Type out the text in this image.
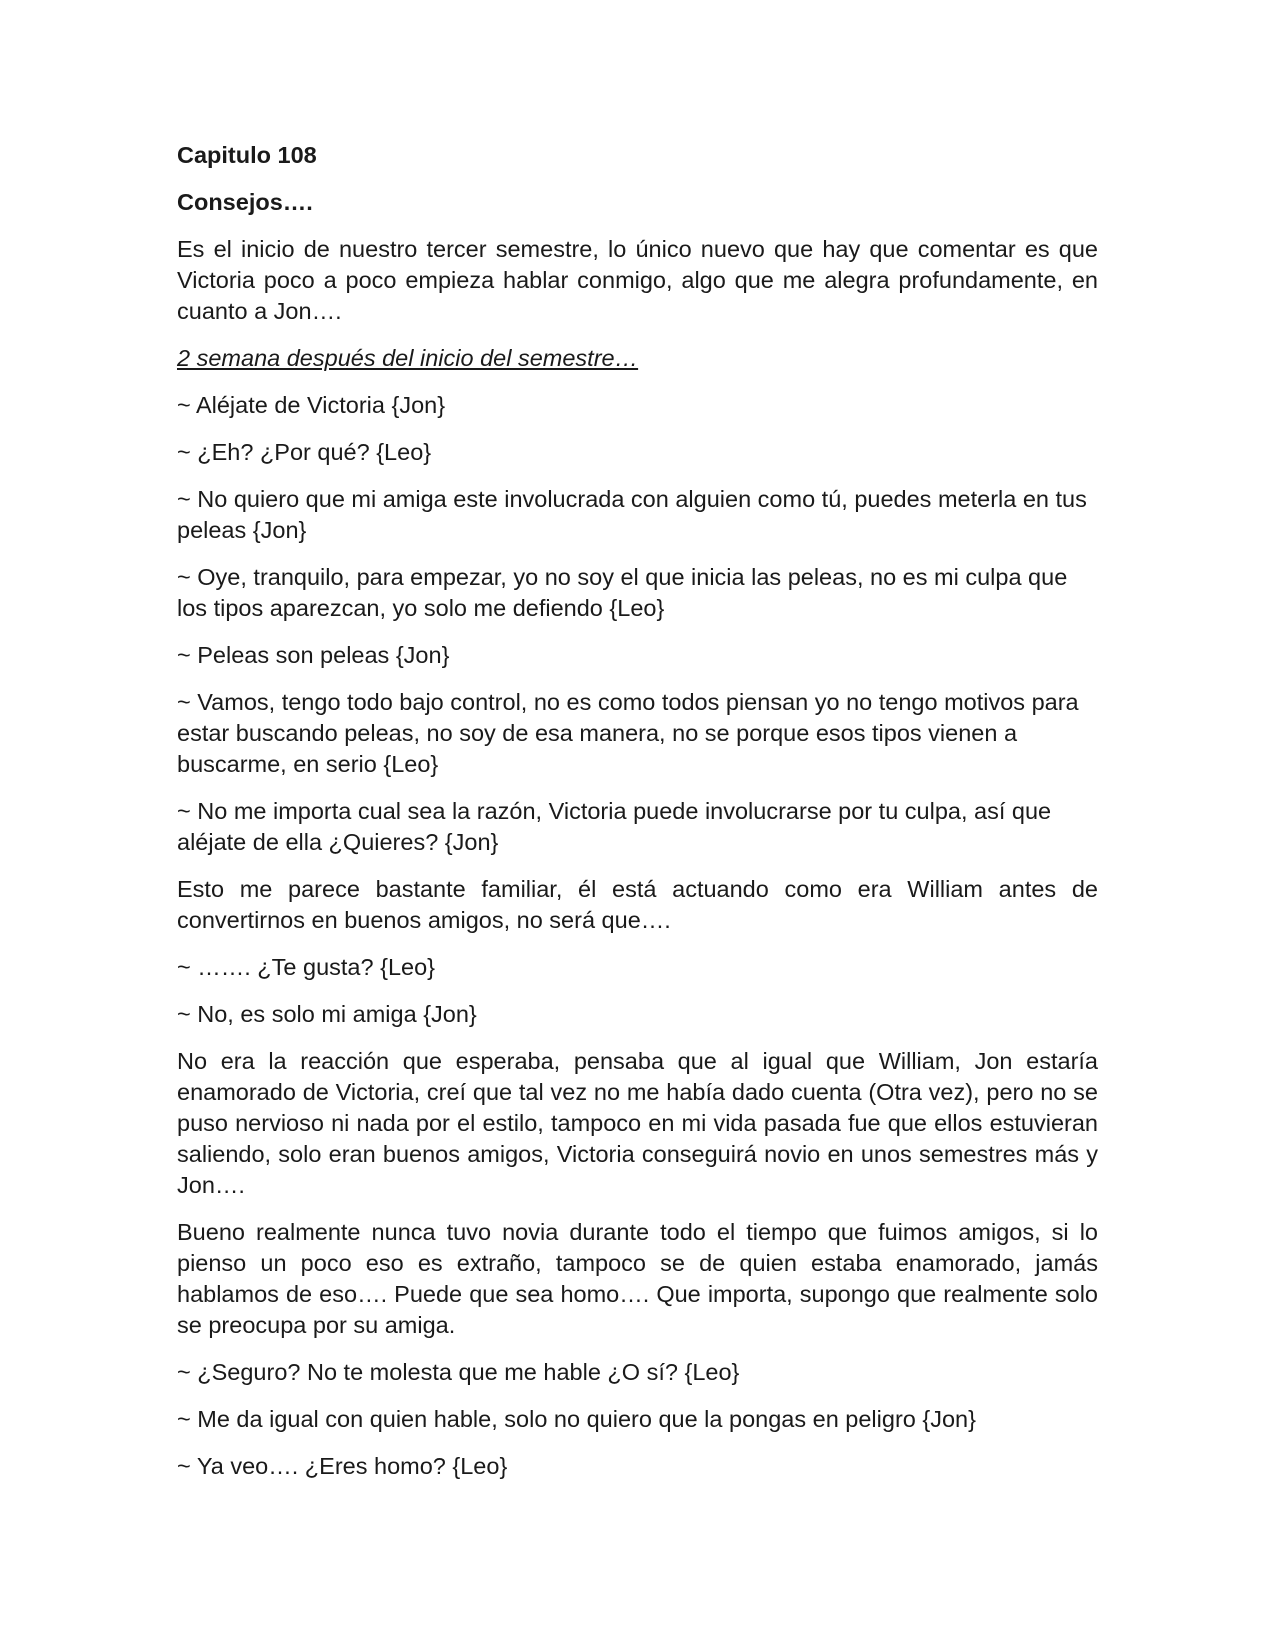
Capitulo 108

Consejos….

Es el inicio de nuestro tercer semestre, lo único nuevo que hay que comentar es que Victoria poco a poco empieza hablar conmigo, algo que me alegra profundamente, en cuanto a Jon….

2 semana después del inicio del semestre…

~ Aléjate de Victoria {Jon}

~ ¿Eh? ¿Por qué? {Leo}

~ No quiero que mi amiga este involucrada con alguien como tú, puedes meterla en tus peleas {Jon}

~ Oye, tranquilo, para empezar, yo no soy el que inicia las peleas, no es mi culpa que los tipos aparezcan, yo solo me defiendo {Leo}

~ Peleas son peleas {Jon}

~ Vamos, tengo todo bajo control, no es como todos piensan yo no tengo motivos para estar buscando peleas, no soy de esa manera, no se porque esos tipos vienen a buscarme, en serio {Leo}

~ No me importa cual sea la razón, Victoria puede involucrarse por tu culpa, así que aléjate de ella ¿Quieres? {Jon}

Esto me parece bastante familiar, él está actuando como era William antes de convertirnos en buenos amigos, no será que….

~ ……. ¿Te gusta? {Leo}

~ No, es solo mi amiga {Jon}

No era la reacción que esperaba, pensaba que al igual que William, Jon estaría enamorado de Victoria, creí que tal vez no me había dado cuenta (Otra vez), pero no se puso nervioso ni nada por el estilo, tampoco en mi vida pasada fue que ellos estuvieran saliendo, solo eran buenos amigos, Victoria conseguirá novio en unos semestres más y Jon….

Bueno realmente nunca tuvo novia durante todo el tiempo que fuimos amigos, si lo pienso un poco eso es extraño, tampoco se de quien estaba enamorado, jamás hablamos de eso…. Puede que sea homo…. Que importa, supongo que realmente solo se preocupa por su amiga.

~ ¿Seguro? No te molesta que me hable ¿O sí? {Leo}

~ Me da igual con quien hable, solo no quiero que la pongas en peligro {Jon}

~ Ya veo…. ¿Eres homo? {Leo}
